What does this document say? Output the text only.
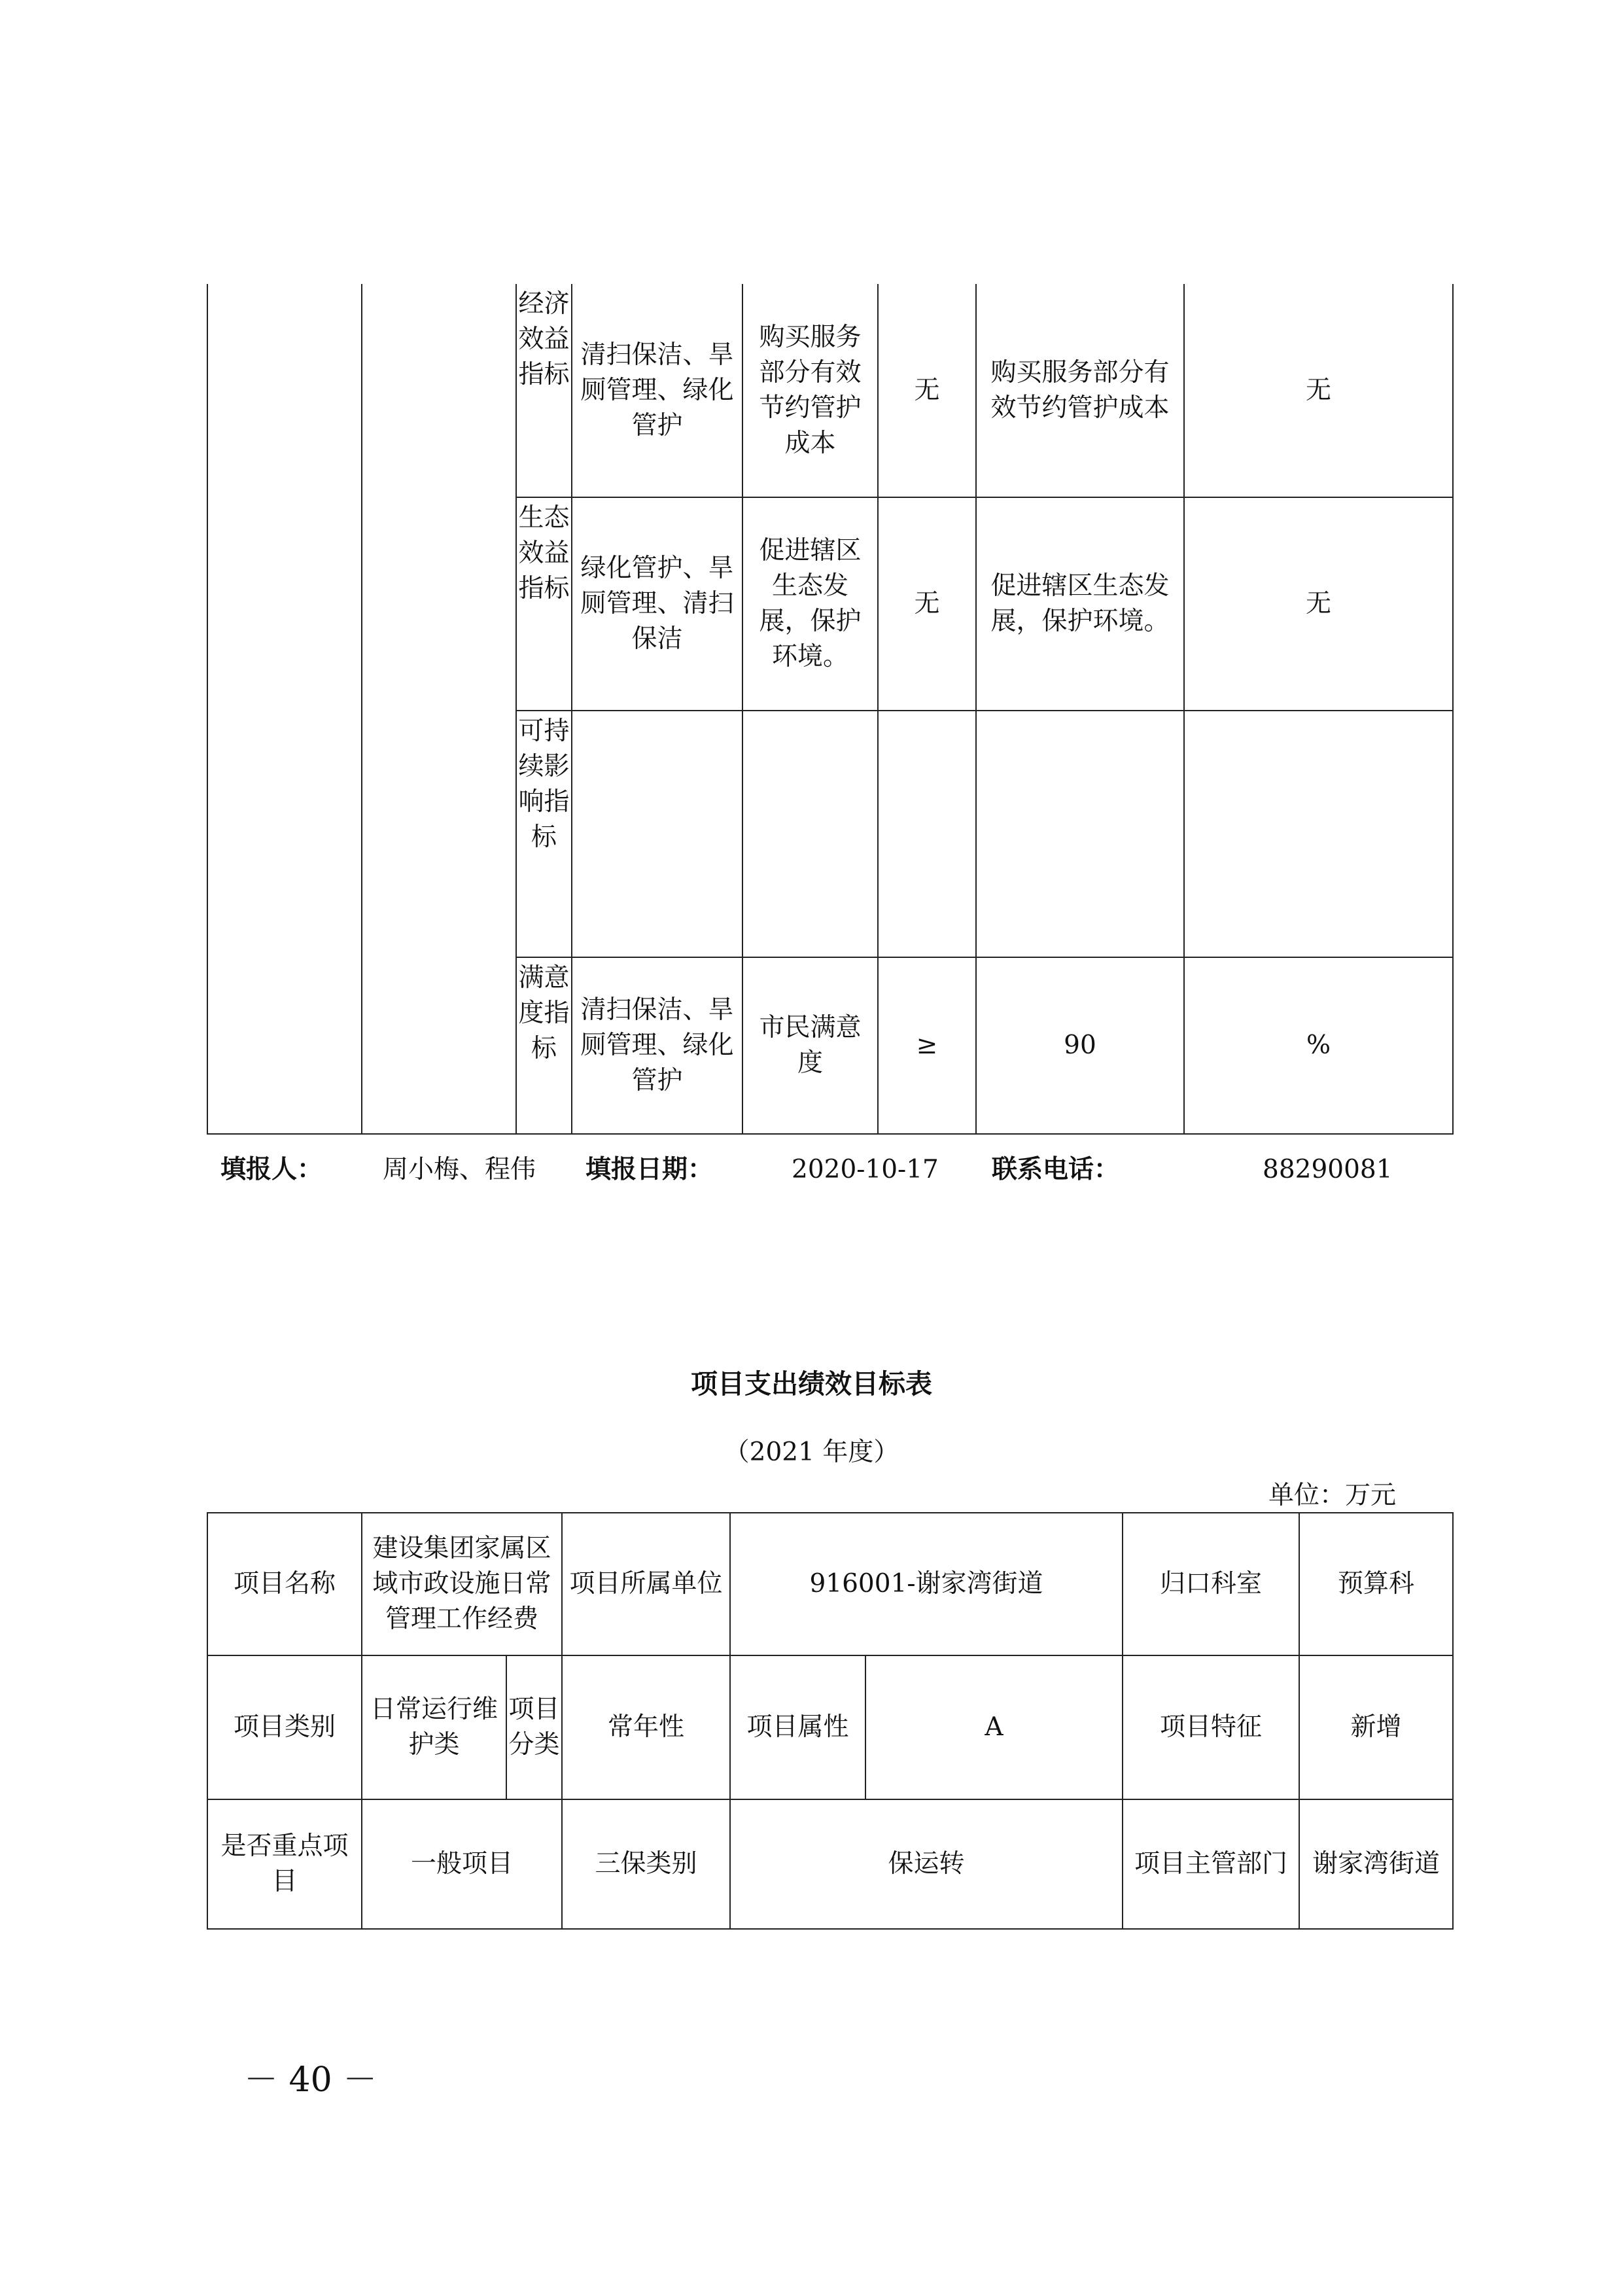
		经济效益指标	清扫保洁、旱厕管理、绿化管护	购买服务部分有效节约管护成本	无	购买服务部分有效节约管护成本	无
		生态效益指标	绿化管护、旱厕管理、清扫保洁	促进辖区生态发展，保护环境。	无	促进辖区生态发展，保护环境。	无
		可持续影响指标					
		满意度指标	清扫保洁、旱厕管理、绿化管护	市民满意度	≥	90	%
填报人： 周小梅、程伟 填报日期：	2020-10-17 联系电话：	88290081
项目支出绩效目标表
（2021 年度）
单位：万元
项目名称	建设集团家属区域市政设施日常管理工作经费		项目所属单位	916001-谢家湾街道		归口科室	预算科
项目类别	日常运行维护类	项目分类	常年性	项目属性	A	项目特征	新增
是否重点项目	一般项目		三保类别	保运转		项目主管部门	谢家湾街道
－ 40 －
